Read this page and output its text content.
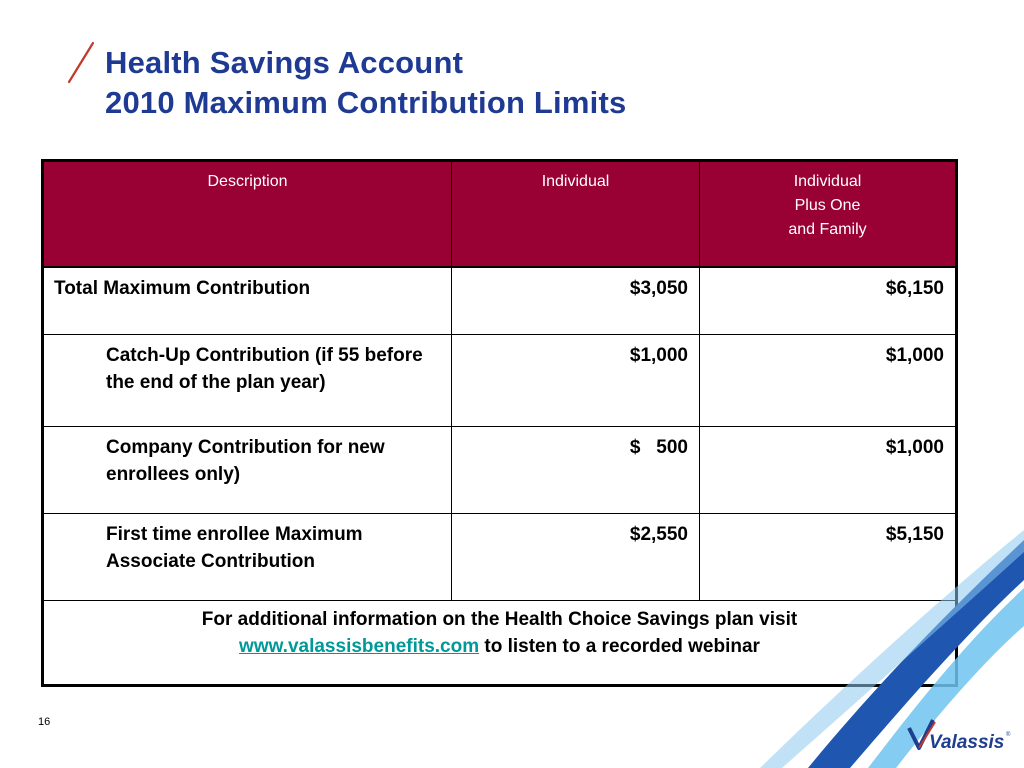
Health Savings Account
2010 Maximum Contribution Limits
Description	Individual	Individual
Plus One
and Family

Total Maximum Contribution	$3,050	$6,150
Catch-Up Contribution (if 55 before the end of the plan year)	$1,000	$1,000
Company Contribution for new enrollees only)	$   500	$1,000
First time enrollee Maximum Associate Contribution	$2,550	$5,150

For additional information on the Health Choice Savings plan visit
www.valassisbenefits.com to listen to a recorded webinar		
16
Valassis ®
